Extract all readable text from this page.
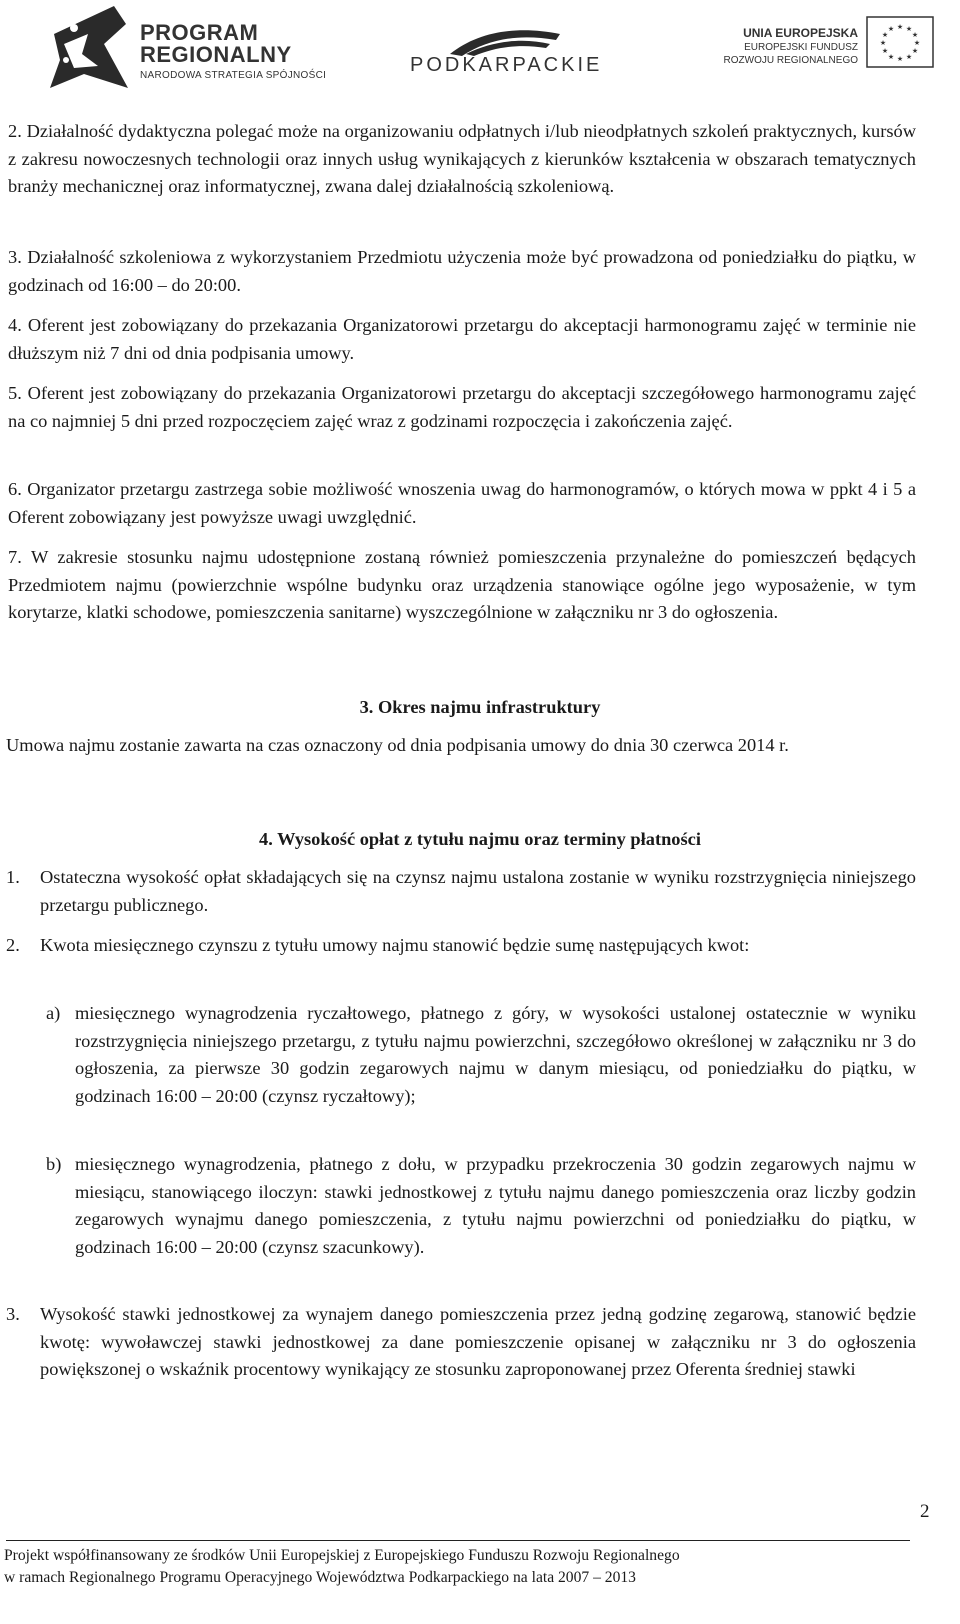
PROGRAM
REGIONALNY
NARODOWA STRATEGIA SPÓJNOŚCI	PODKARPACKIE
UNIA EUROPEJSKA
EUROPEJSKI FUNDUSZ
ROZWOJU REGIONALNEGO
★ ★
★
★
★
★
★
★
★
★
★
★
2. Działalność dydaktyczna polegać może na organizowaniu odpłatnych i/lub nieodpłatnych szkoleń praktycznych, kursów z zakresu nowoczesnych technologii oraz innych usług wynikających z kierunków kształcenia w obszarach tematycznych branży mechanicznej oraz informatycznej, zwana dalej działalnością szkoleniową.
3. Działalność szkoleniowa z wykorzystaniem Przedmiotu użyczenia może być prowadzona od poniedziałku do piątku, w godzinach od 16:00 – do 20:00.
4. Oferent jest zobowiązany do przekazania Organizatorowi przetargu do akceptacji harmonogramu zajęć w terminie nie dłuższym niż 7 dni od dnia podpisania umowy.
5. Oferent jest zobowiązany do przekazania Organizatorowi przetargu do akceptacji szczegółowego harmonogramu zajęć na co najmniej 5 dni przed rozpoczęciem zajęć wraz z godzinami rozpoczęcia i zakończenia zajęć.
6. Organizator przetargu zastrzega sobie możliwość wnoszenia uwag do harmonogramów, o których mowa w ppkt 4 i 5 a Oferent zobowiązany jest powyższe uwagi uwzględnić.
7. W zakresie stosunku najmu udostępnione zostaną również pomieszczenia przynależne do pomieszczeń będących Przedmiotem najmu (powierzchnie wspólne budynku oraz urządzenia stanowiące ogólne jego wyposażenie, w tym korytarze, klatki schodowe, pomieszczenia sanitarne) wyszczególnione w załączniku nr 3 do ogłoszenia.
3. Okres najmu infrastruktury
Umowa najmu zostanie zawarta na czas oznaczony od dnia podpisania umowy do dnia 30 czerwca 2014 r.
4. Wysokość opłat z tytułu najmu oraz terminy płatności
1. Ostateczna wysokość opłat składających się na czynsz najmu ustalona zostanie w wyniku rozstrzygnięcia niniejszego przetargu publicznego.
2. Kwota miesięcznego czynszu z tytułu umowy najmu stanowić będzie sumę następujących kwot:
a) miesięcznego wynagrodzenia ryczałtowego, płatnego z góry, w wysokości ustalonej ostatecznie w wyniku rozstrzygnięcia niniejszego przetargu, z tytułu najmu powierzchni, szczegółowo określonej w załączniku nr 3 do ogłoszenia, za pierwsze 30 godzin zegarowych najmu w danym miesiącu, od poniedziałku do piątku, w godzinach 16:00 – 20:00 (czynsz ryczałtowy);
b) miesięcznego wynagrodzenia, płatnego z dołu, w przypadku przekroczenia 30 godzin zegarowych najmu w miesiącu, stanowiącego iloczyn: stawki jednostkowej z tytułu najmu danego pomieszczenia oraz liczby godzin zegarowych wynajmu danego pomieszczenia, z tytułu najmu powierzchni od poniedziałku do piątku, w godzinach 16:00 – 20:00 (czynsz szacunkowy).
3. Wysokość stawki jednostkowej za wynajem danego pomieszczenia przez jedną godzinę zegarową, stanowić będzie kwotę: wywoławczej stawki jednostkowej za dane pomieszczenie opisanej w załączniku nr 3 do ogłoszenia powiększonej o wskaźnik procentowy wynikający ze stosunku zaproponowanej przez Oferenta średniej stawki
2
Projekt współfinansowany ze środków Unii Europejskiej z Europejskiego Funduszu Rozwoju Regionalnego
w ramach Regionalnego Programu Operacyjnego Województwa Podkarpackiego na lata 2007 – 2013
